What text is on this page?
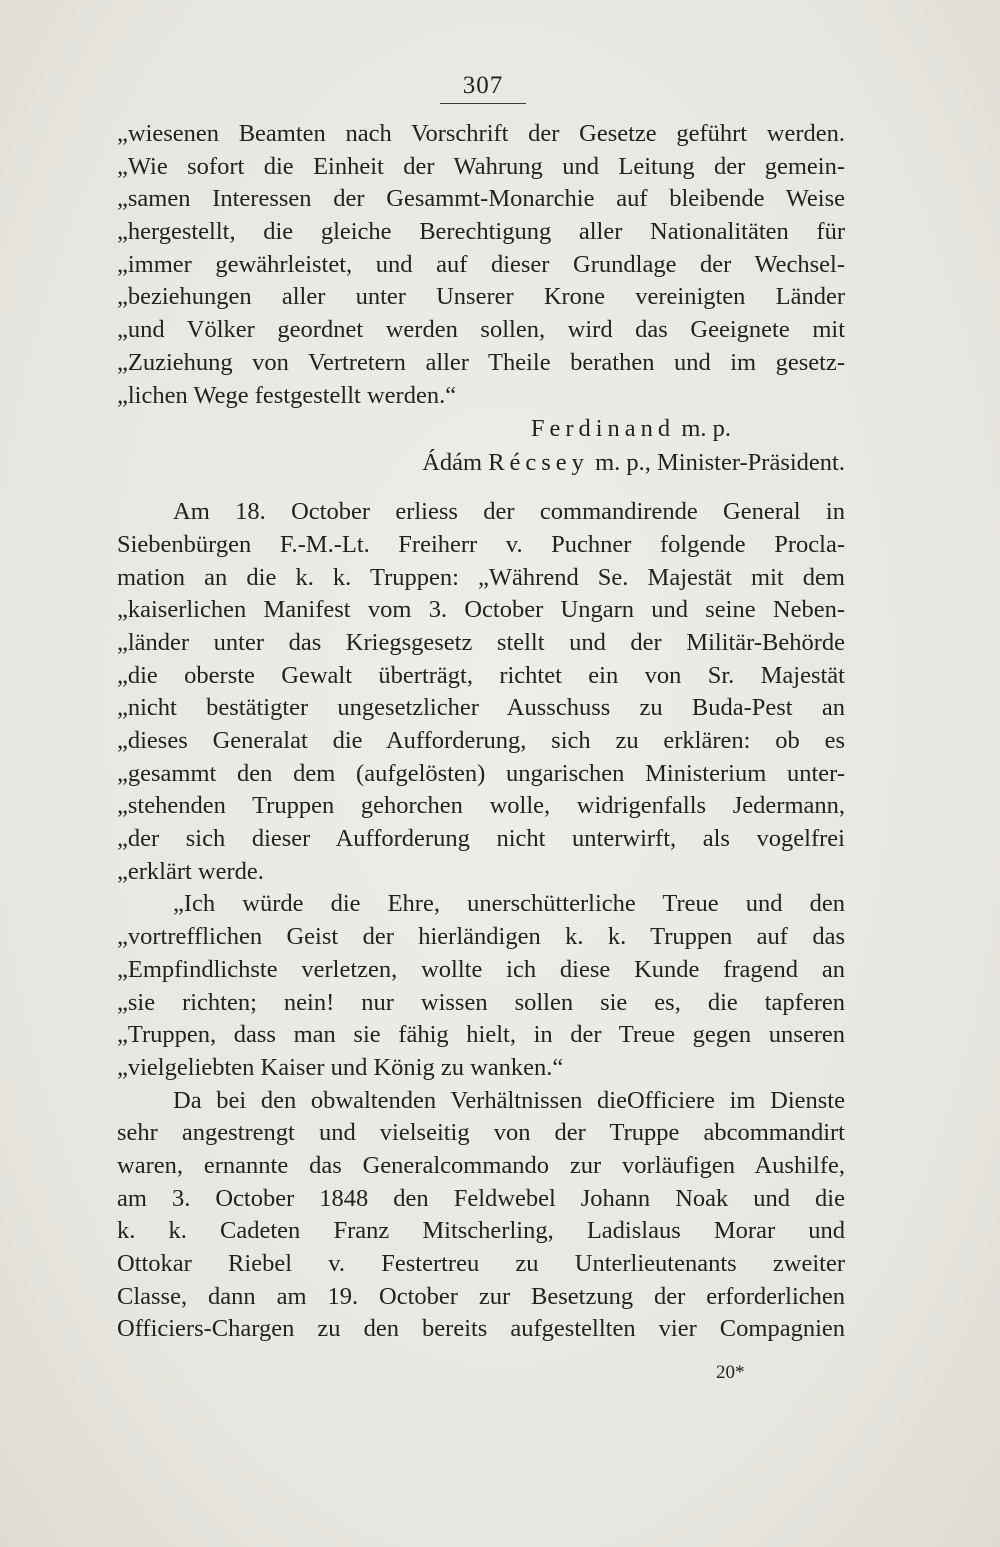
307
„wiesenen Beamten nach Vorschrift der Gesetze geführt werden.
„Wie sofort die Einheit der Wahrung und Leitung der gemein-
„samen Interessen der Gesammt-Monarchie auf bleibende Weise
„hergestellt, die gleiche Berechtigung aller Nationalitäten für
„immer gewährleistet, und auf dieser Grundlage der Wechsel-
„beziehungen aller unter Unserer Krone vereinigten Länder
„und Völker geordnet werden sollen, wird das Geeignete mit
„Zuziehung von Vertretern aller Theile berathen und im gesetz-
„lichen Wege festgestellt werden.“
Ferdinand m. p.
Ádám Récsey m. p., Minister-Präsident.
Am 18. October erliess der commandirende General in
Siebenbürgen F.-M.-Lt. Freiherr v. Puchner folgende Procla-
mation an die k. k. Truppen: „Während Se. Majestät mit dem
„kaiserlichen Manifest vom 3. October Ungarn und seine Neben-
„länder unter das Kriegsgesetz stellt und der Militär-Behörde
„die oberste Gewalt überträgt, richtet ein von Sr. Majestät
„nicht bestätigter ungesetzlicher Ausschuss zu Buda-Pest an
„dieses Generalat die Aufforderung, sich zu erklären: ob es
„gesammt den dem (aufgelösten) ungarischen Ministerium unter-
„stehenden Truppen gehorchen wolle, widrigenfalls Jedermann,
„der sich dieser Aufforderung nicht unterwirft, als vogelfrei
„erklärt werde.
„Ich würde die Ehre, unerschütterliche Treue und den
„vortrefflichen Geist der hierländigen k. k. Truppen auf das
„Empfindlichste verletzen, wollte ich diese Kunde fragend an
„sie richten; nein! nur wissen sollen sie es, die tapferen
„Truppen, dass man sie fähig hielt, in der Treue gegen unseren
„vielgeliebten Kaiser und König zu wanken.“
Da bei den obwaltenden Verhältnissen dieOfficiere im Dienste
sehr angestrengt und vielseitig von der Truppe abcommandirt
waren, ernannte das Generalcommando zur vorläufigen Aushilfe,
am 3. October 1848 den Feldwebel Johann Noak und die
k. k. Cadeten Franz Mitscherling, Ladislaus Morar und
Ottokar Riebel v. Festertreu zu Unterlieutenants zweiter
Classe, dann am 19. October zur Besetzung der erforderlichen
Officiers-Chargen zu den bereits aufgestellten vier Compagnien
20*
